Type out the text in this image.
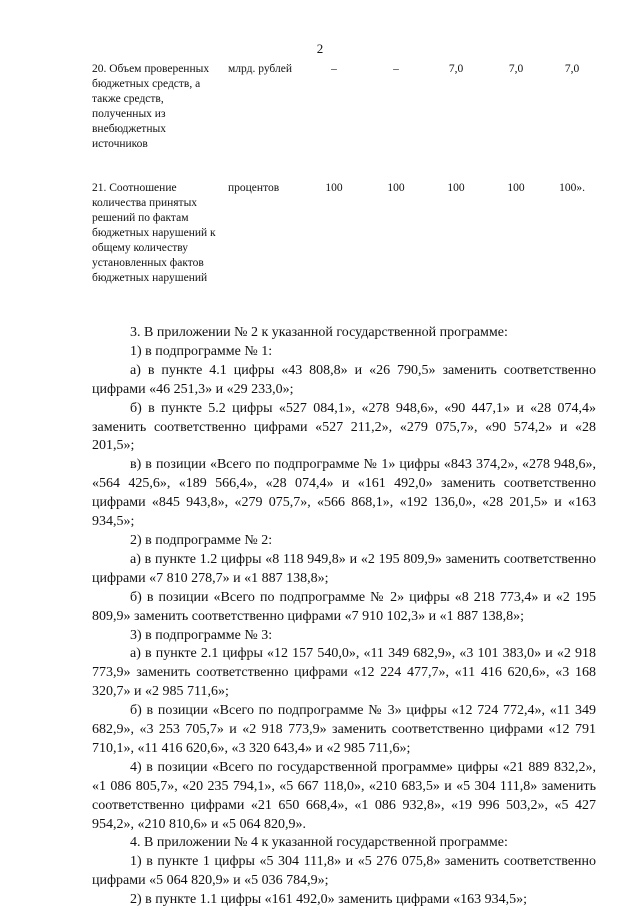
2
20. Объем проверенных бюджетных средств, а также средств, полученных из внебюджетных источников
млрд. рублей	–	–	7,0	7,0	7,0
21. Соотношение количества принятых решений по фактам бюджетных нарушений к общему количеству установленных фактов бюджетных нарушений
процентов	100	100	100	100	100».

3. В приложении № 2 к указанной государственной программе:

1) в подпрограмме № 1:

а) в пункте 4.1 цифры «43 808,8» и «26 790,5» заменить соответственно цифрами «46 251,3» и «29 233,0»;

б) в пункте 5.2 цифры «527 084,1», «278 948,6», «90 447,1» и «28 074,4» заменить соответственно цифрами «527 211,2», «279 075,7», «90 574,2» и «28 201,5»;

в) в позиции «Всего по подпрограмме № 1» цифры «843 374,2», «278 948,6», «564 425,6», «189 566,4», «28 074,4» и «161 492,0» заменить соответственно цифрами «845 943,8», «279 075,7», «566 868,1», «192 136,0», «28 201,5» и «163 934,5»;

2) в подпрограмме № 2:

а) в пункте 1.2 цифры «8 118 949,8» и «2 195 809,9» заменить соответственно цифрами «7 810 278,7» и «1 887 138,8»;

б) в позиции «Всего по подпрограмме № 2» цифры «8 218 773,4» и «2 195 809,9» заменить соответственно цифрами «7 910 102,3» и «1 887 138,8»;

3) в подпрограмме № 3:

а) в пункте 2.1 цифры «12 157 540,0», «11 349 682,9», «3 101 383,0» и «2 918 773,9» заменить соответственно цифрами «12 224 477,7», «11 416 620,6», «3 168 320,7» и «2 985 711,6»;

б) в позиции «Всего по подпрограмме № 3» цифры «12 724 772,4», «11 349 682,9», «3 253 705,7» и «2 918 773,9» заменить соответственно цифрами «12 791 710,1», «11 416 620,6», «3 320 643,4» и «2 985 711,6»;

4) в позиции «Всего по государственной программе» цифры «21 889 832,2», «1 086 805,7», «20 235 794,1», «5 667 118,0», «210 683,5» и «5 304 111,8» заменить соответственно цифрами «21 650 668,4», «1 086 932,8», «19 996 503,2», «5 427 954,2», «210 810,6» и «5 064 820,9».

4. В приложении № 4 к указанной государственной программе:

1) в пункте 1 цифры «5 304 111,8» и «5 276 075,8» заменить соответственно цифрами «5 064 820,9» и «5 036 784,9»;

2) в пункте 1.1 цифры «161 492,0» заменить цифрами «163 934,5»;
